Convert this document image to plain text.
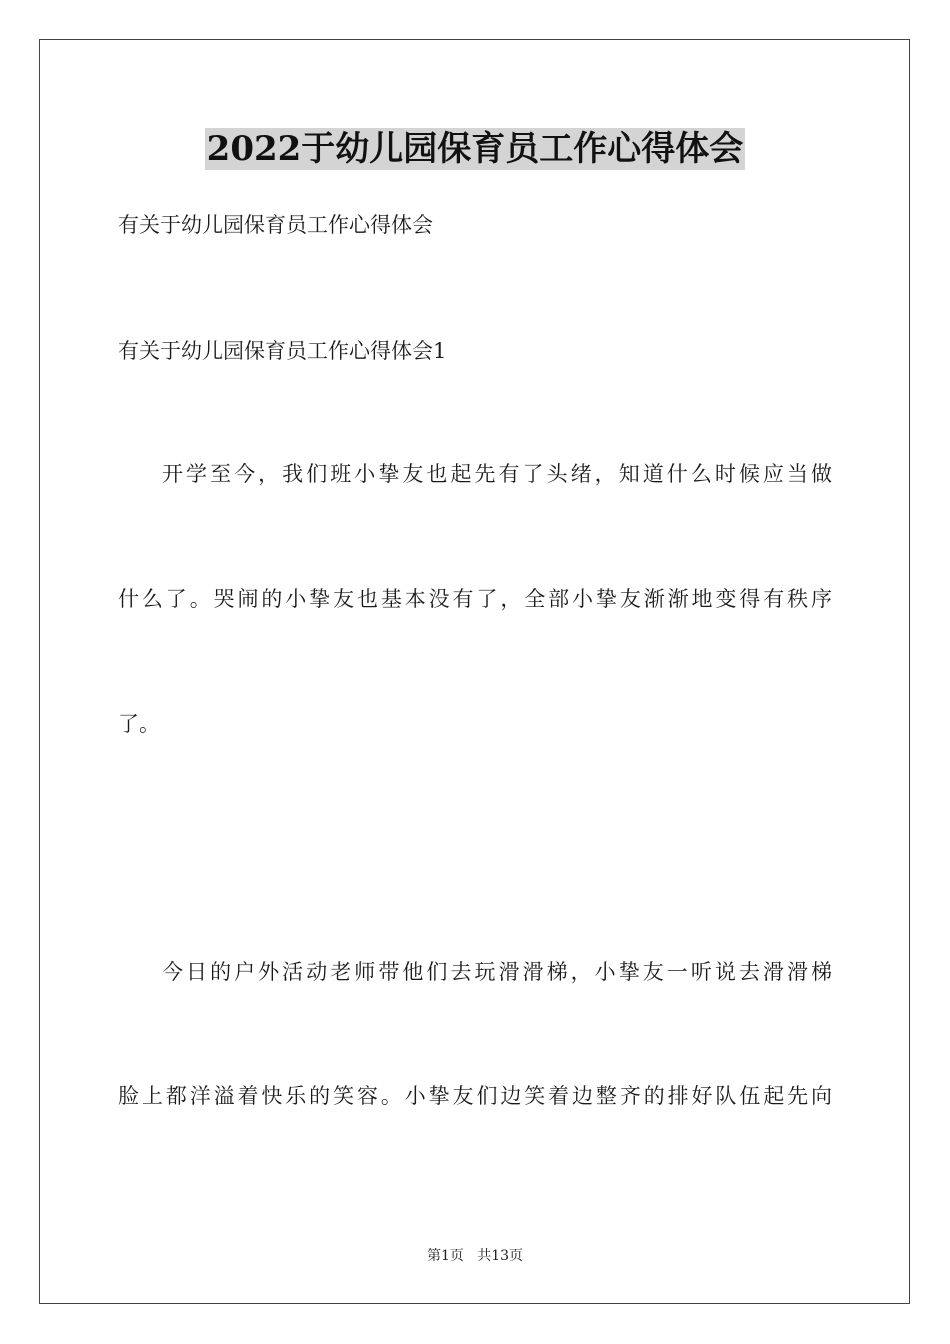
2022于幼儿园保育员工作心得体会
有关于幼儿园保育员工作心得体会
有关于幼儿园保育员工作心得体会1
开学至今，我们班小挚友也起先有了头绪，知道什么时候应当做
什么了。哭闹的小挚友也基本没有了，全部小挚友渐渐地变得有秩序
了。
今日的户外活动老师带他们去玩滑滑梯，小挚友一听说去滑滑梯
脸上都洋溢着快乐的笑容。小挚友们边笑着边整齐的排好队伍起先向
第1页   共13页
